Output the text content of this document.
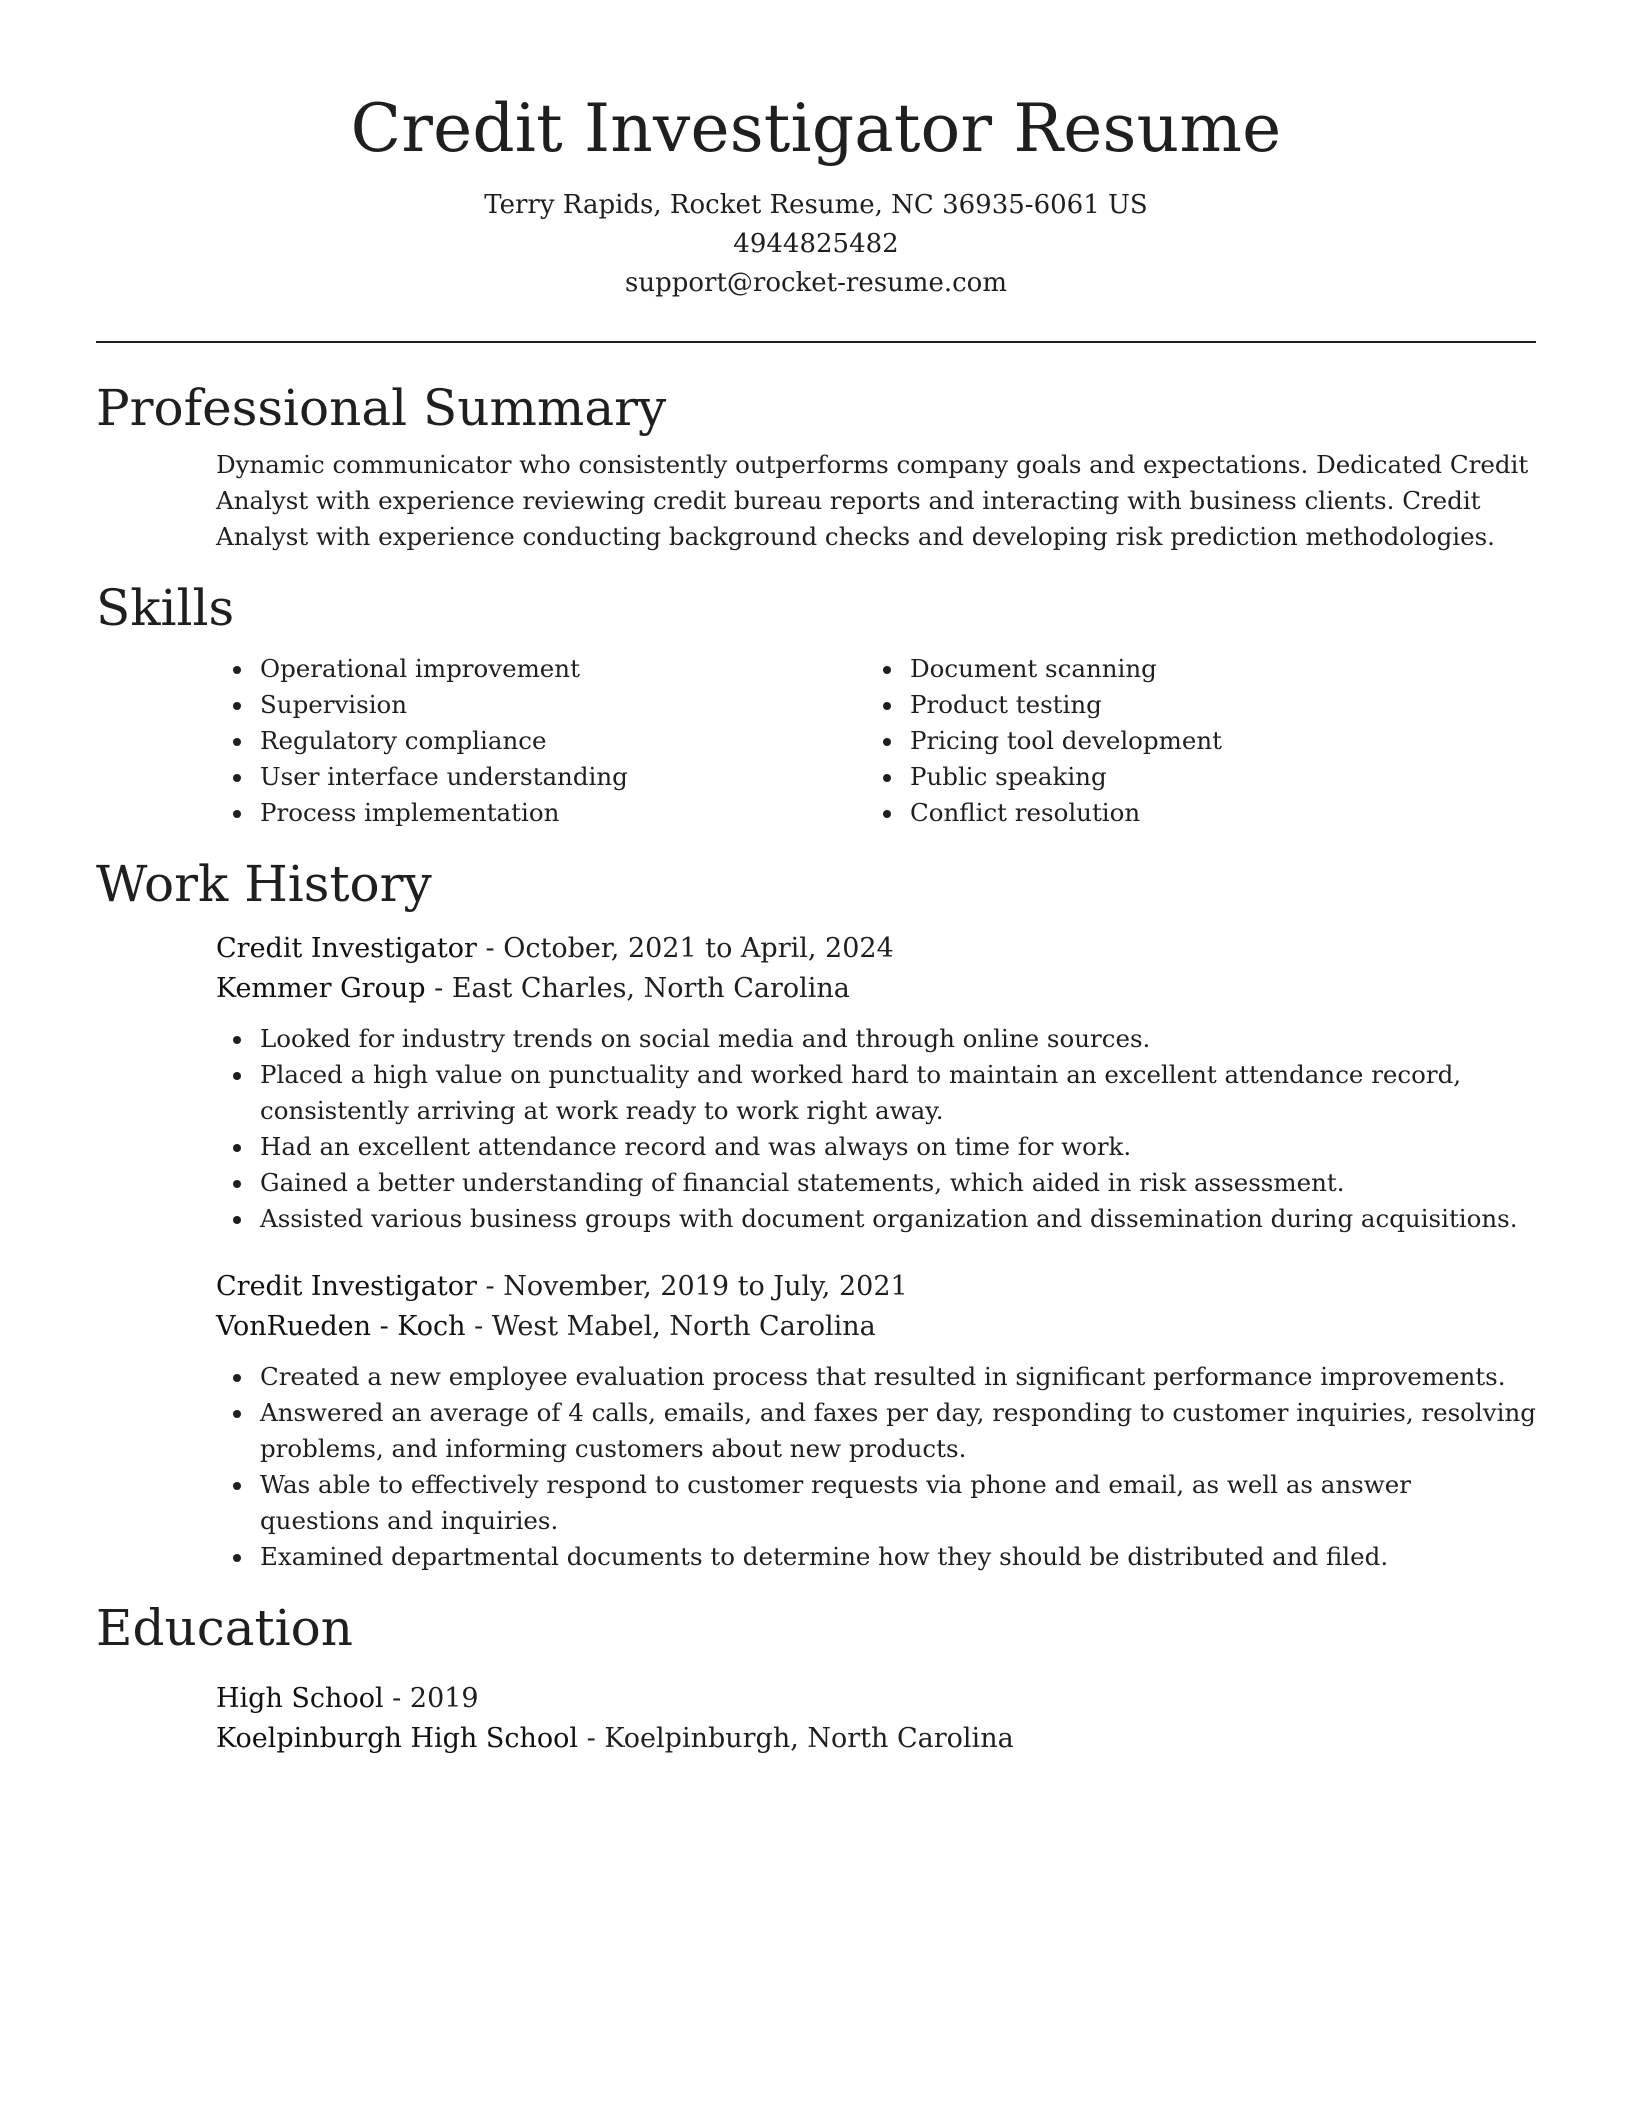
Credit Investigator Resume

Terry Rapids, Rocket Resume, NC 36935-6061 US

4944825482

support@rocket-resume.com

Professional Summary

Dynamic communicator who consistently outperforms company goals and expectations. Dedicated Credit Analyst with experience reviewing credit bureau reports and interacting with business clients. Credit Analyst with experience conducting background checks and developing risk prediction methodologies.

Skills
Operational improvement
Supervision
Regulatory compliance
User interface understanding
Process implementation
Document scanning
Product testing
Pricing tool development
Public speaking
Conflict resolution
Work History

Credit Investigator - October, 2021 to April, 2024

Kemmer Group - East Charles, North Carolina

Looked for industry trends on social media and through online sources.
Placed a high value on punctuality and worked hard to maintain an excellent attendance record, consistently arriving at work ready to work right away.
Had an excellent attendance record and was always on time for work.
Gained a better understanding of financial statements, which aided in risk assessment.
Assisted various business groups with document organization and dissemination during acquisitions.

Credit Investigator - November, 2019 to July, 2021

VonRueden - Koch - West Mabel, North Carolina

Created a new employee evaluation process that resulted in significant performance improvements.
Answered an average of 4 calls, emails, and faxes per day, responding to customer inquiries, resolving problems, and informing customers about new products.
Was able to effectively respond to customer requests via phone and email, as well as answer questions and inquiries.
Examined departmental documents to determine how they should be distributed and filed.
Education

High School - 2019

Koelpinburgh High School - Koelpinburgh, North Carolina
